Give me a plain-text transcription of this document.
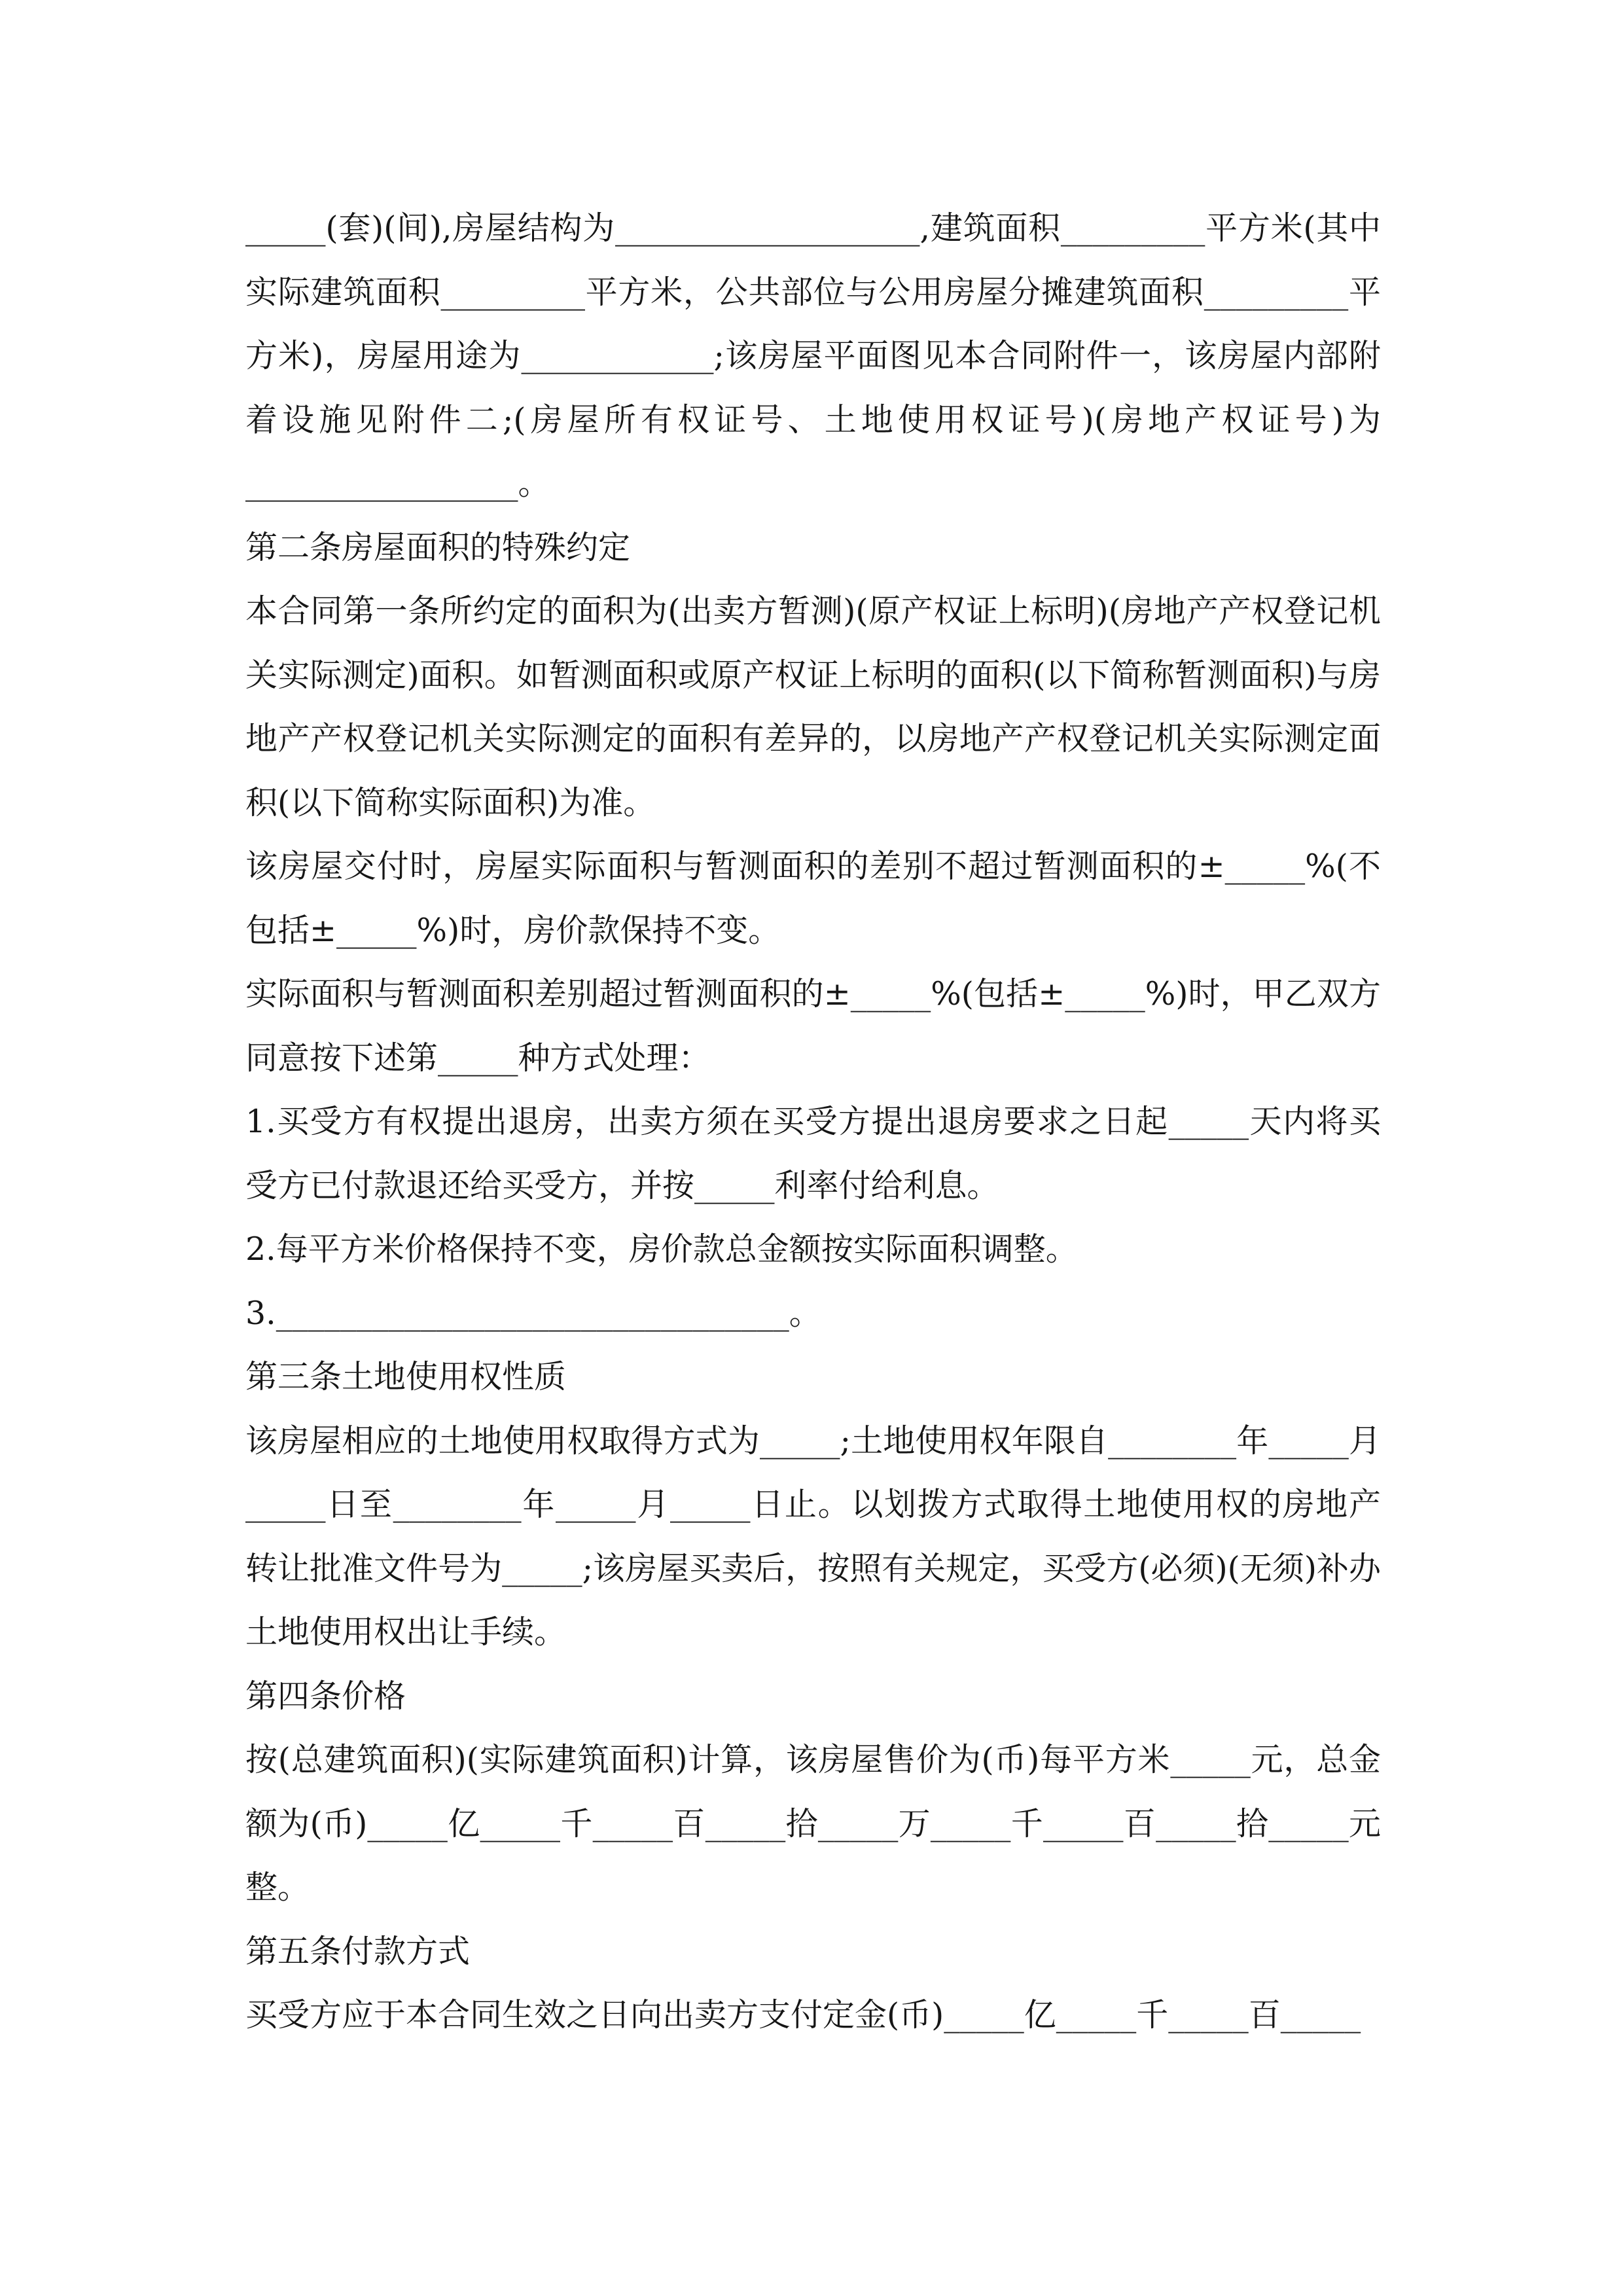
_____(套)(间),房屋结构为___________________,建筑面积_________平方米(其中实际建筑面积_________平方米，公共部位与公用房屋分摊建筑面积_________平方米)，房屋用途为____________;该房屋平面图见本合同附件一，该房屋内部附着设施见附件二;(房屋所有权证号、土地使用权证号)(房地产权证号)为_________________。

第二条房屋面积的特殊约定

本合同第一条所约定的面积为(出卖方暂测)(原产权证上标明)(房地产产权登记机关实际测定)面积。如暂测面积或原产权证上标明的面积(以下简称暂测面积)与房地产产权登记机关实际测定的面积有差异的，以房地产产权登记机关实际测定面积(以下简称实际面积)为准。

该房屋交付时，房屋实际面积与暂测面积的差别不超过暂测面积的±_____%(不包括±_____%)时，房价款保持不变。

实际面积与暂测面积差别超过暂测面积的±_____%(包括±_____%)时，甲乙双方同意按下述第_____种方式处理：

1.买受方有权提出退房，出卖方须在买受方提出退房要求之日起_____天内将买受方已付款退还给买受方，并按_____利率付给利息。

2.每平方米价格保持不变，房价款总金额按实际面积调整。

3.________________________________。

第三条土地使用权性质

该房屋相应的土地使用权取得方式为_____;土地使用权年限自________年_____月_____日至________年_____月_____日止。以划拨方式取得土地使用权的房地产转让批准文件号为_____;该房屋买卖后，按照有关规定，买受方(必须)(无须)补办土地使用权出让手续。

第四条价格

按(总建筑面积)(实际建筑面积)计算，该房屋售价为(币)每平方米_____元，总金额为(币)_____亿_____千_____百_____拾_____万_____千_____百_____拾_____元整。

第五条付款方式

买受方应于本合同生效之日向出卖方支付定金(币)_____亿_____千_____百_____
